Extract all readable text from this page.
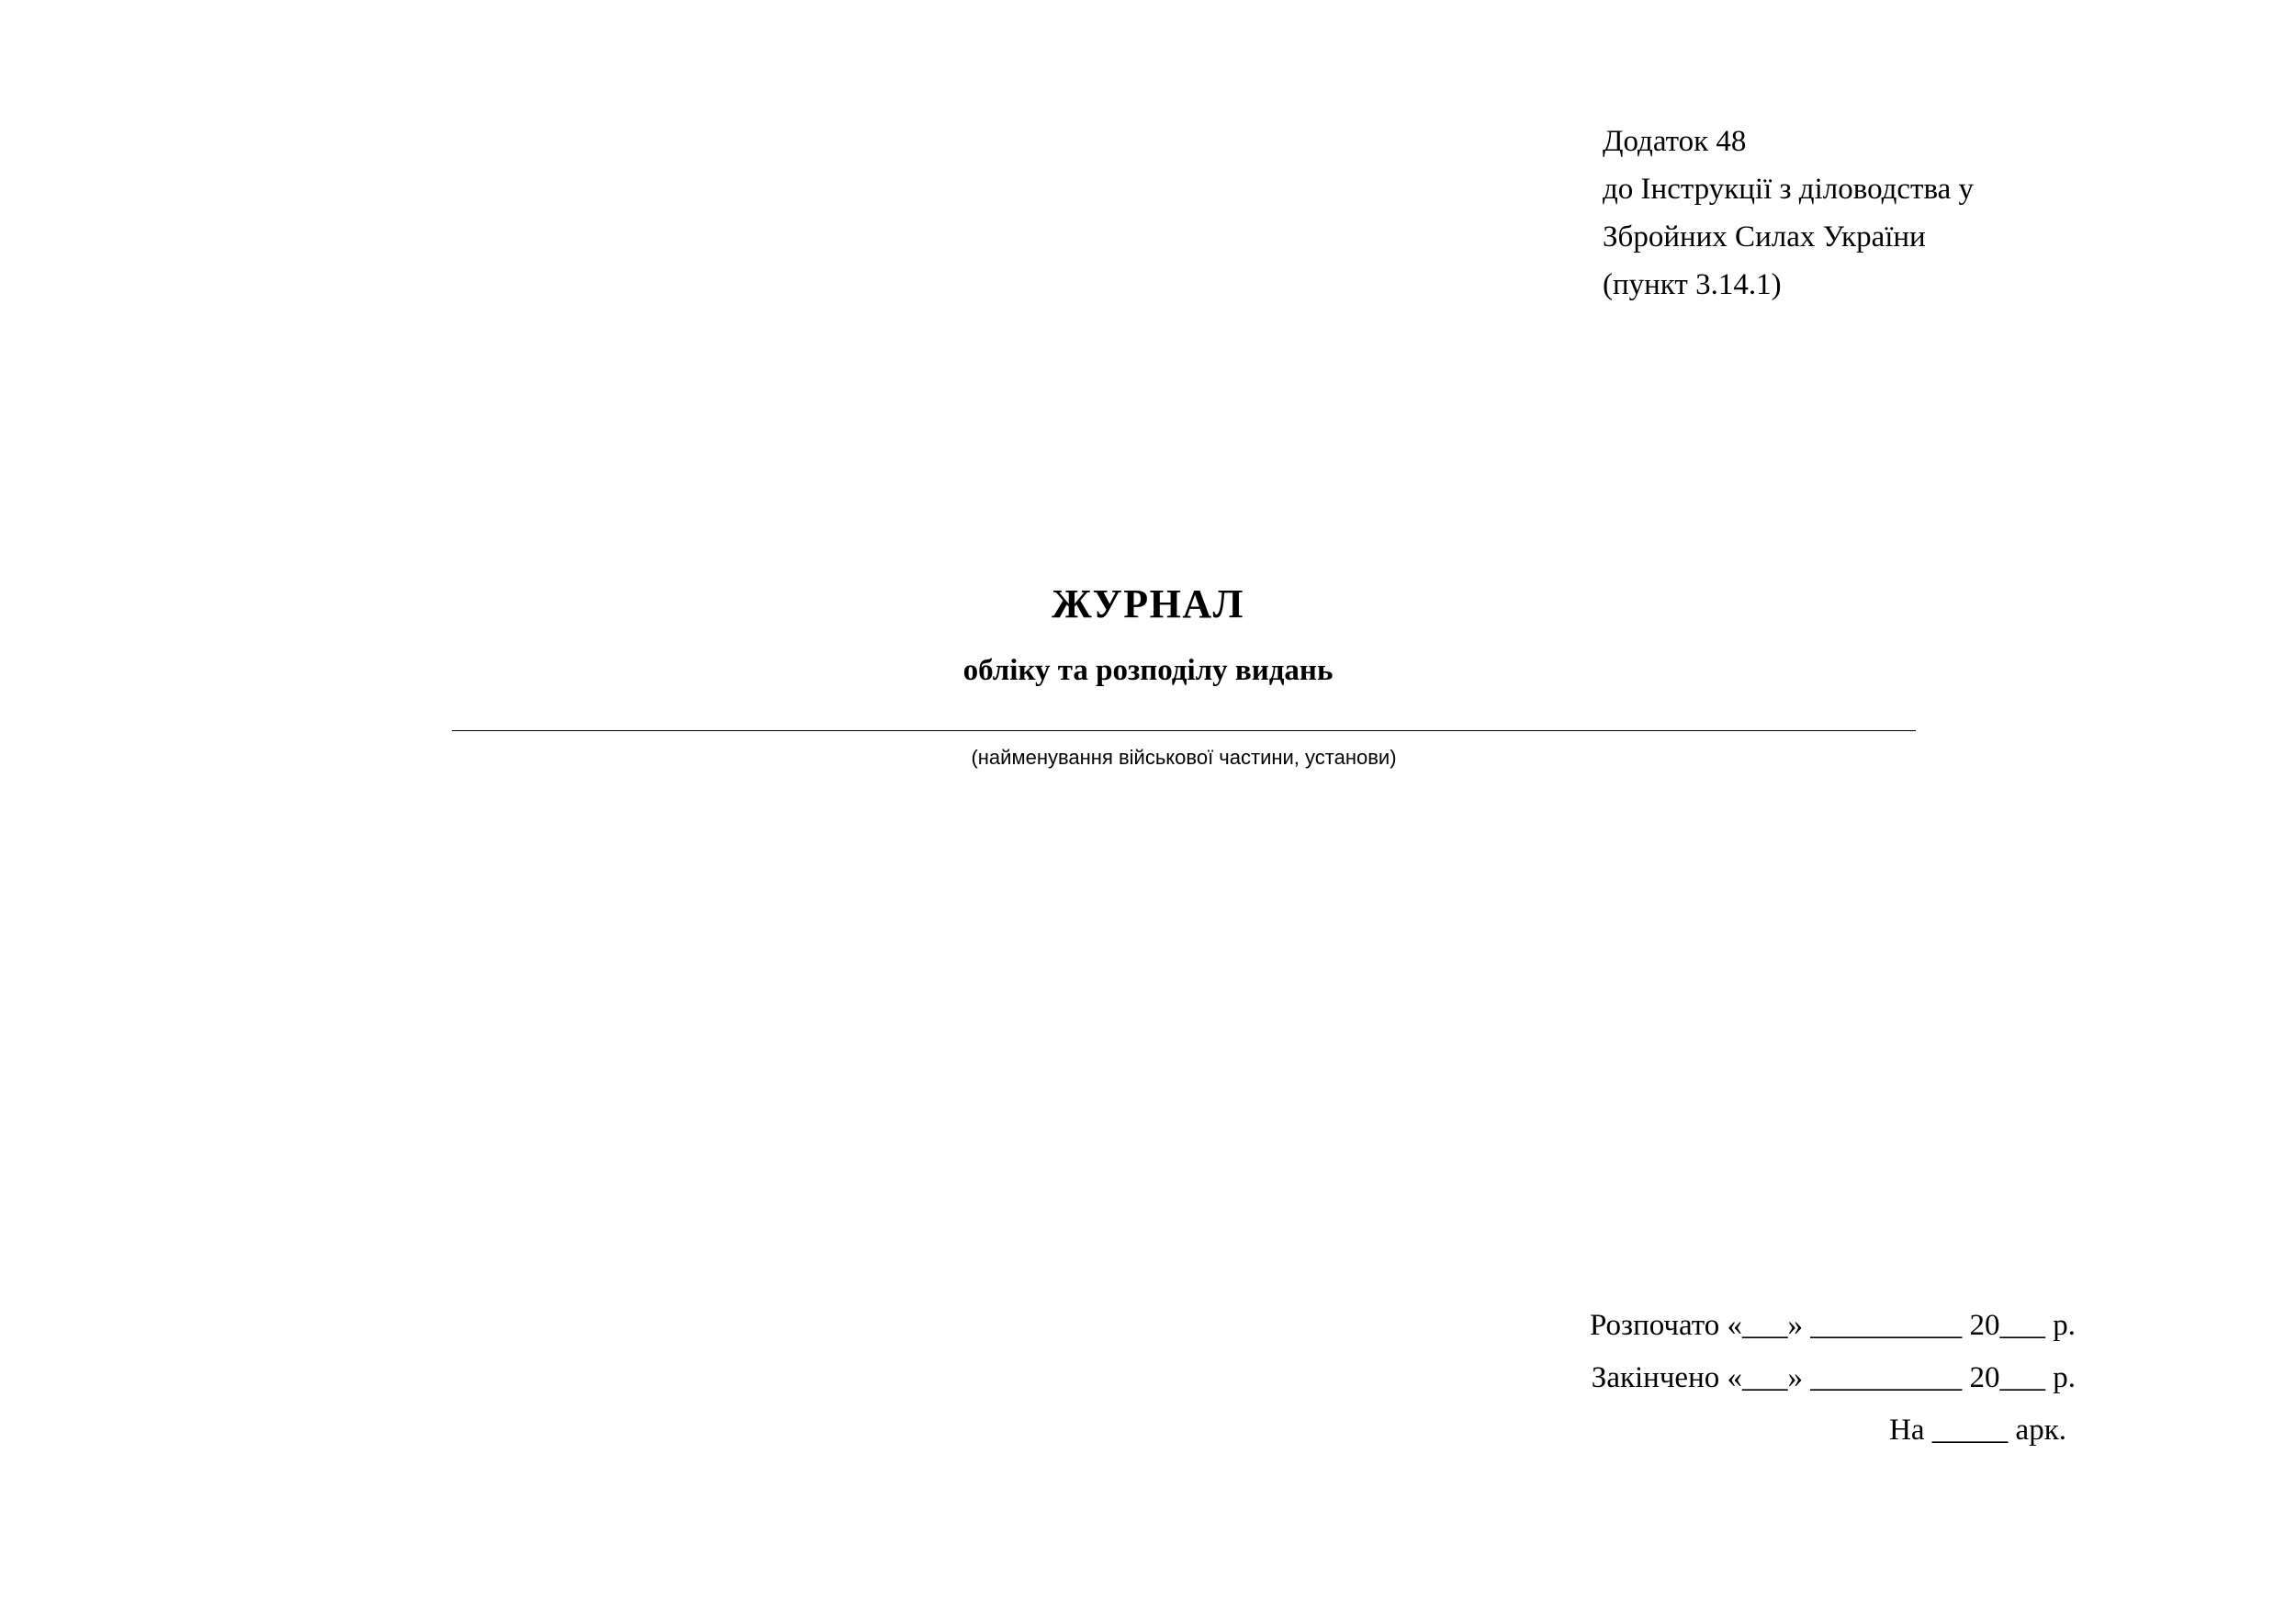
Додаток 48
до Інструкції з діловодства у
Збройних Силах України
(пункт 3.14.1)
ЖУРНАЛ
обліку та розподілу видань
(найменування військової частини, установи)
Розпочато «___» __________ 20___ р.
Закінчено «___» __________ 20___ р.
На _____ арк.
